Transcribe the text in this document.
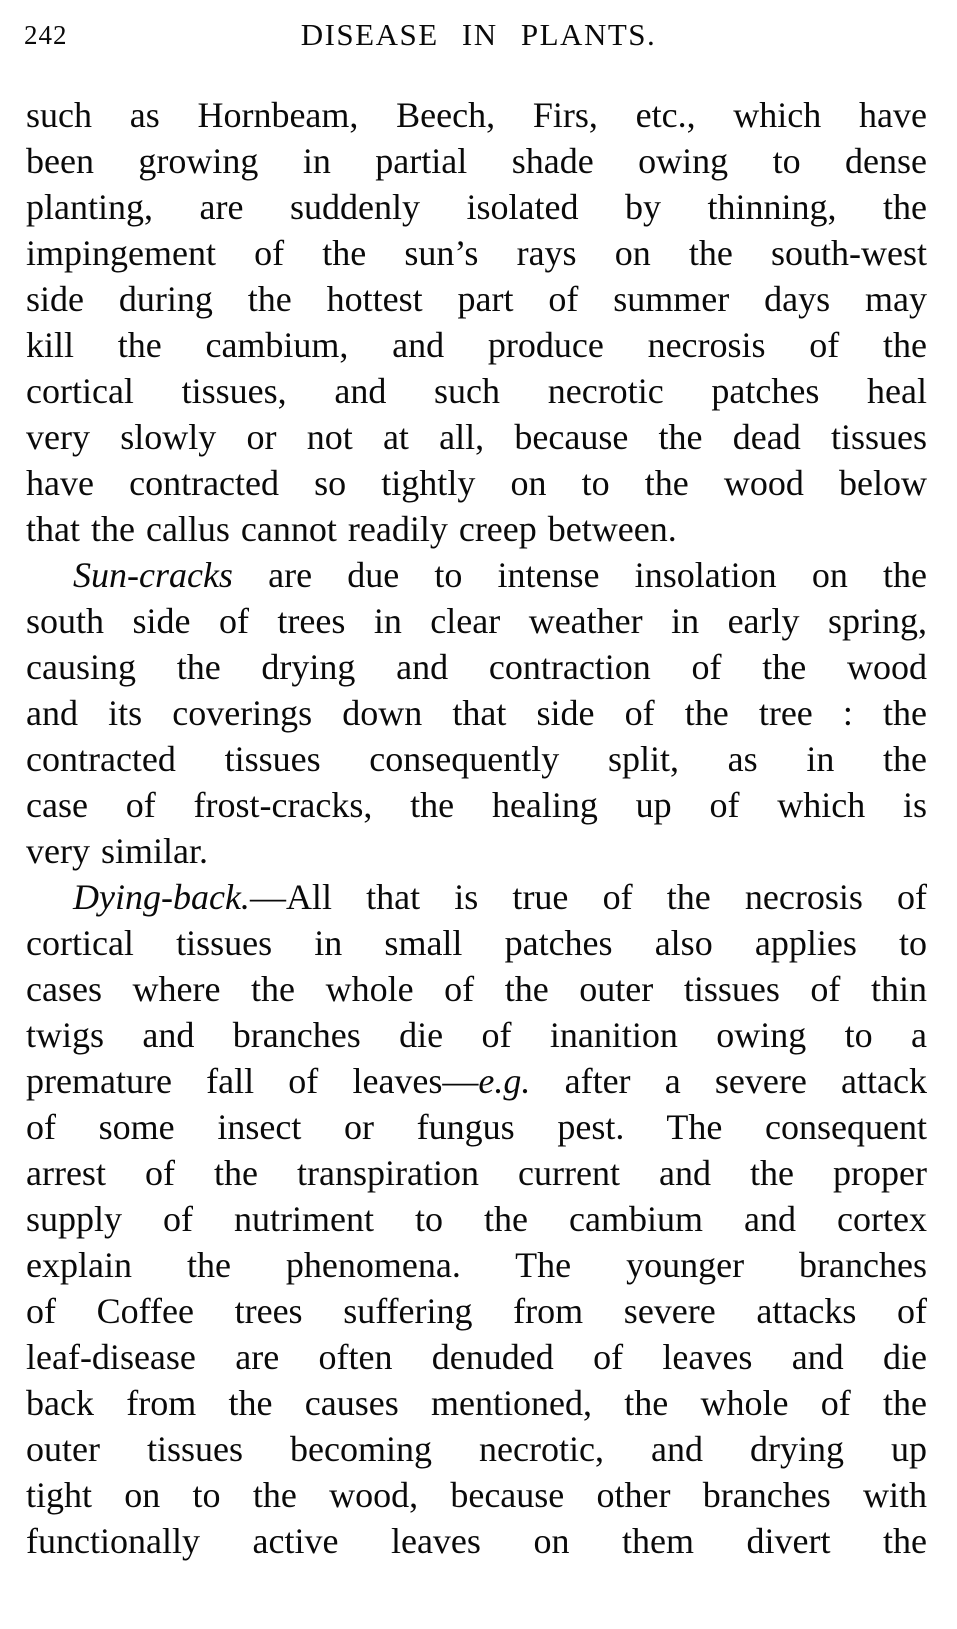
242	DISEASE IN PLANTS.
such as Hornbeam, Beech, Firs, etc., which have
been growing in partial shade owing to dense
planting, are suddenly isolated by thinning, the
impingement of the sun’s rays on the south-west
side during the hottest part of summer days may
kill the cambium, and produce necrosis of the
cortical tissues, and such necrotic patches heal
very slowly or not at all, because the dead tissues
have contracted so tightly on to the wood below
that the callus cannot readily creep between.
Sun-cracks are due to intense insolation on the
south side of trees in clear weather in early spring,
causing the drying and contraction of the wood
and its coverings down that side of the tree : the
contracted tissues consequently split, as in the
case of frost-cracks, the healing up of which is
very similar.
Dying-back.—All that is true of the necrosis of
cortical tissues in small patches also applies to
cases where the whole of the outer tissues of thin
twigs and branches die of inanition owing to a
premature fall of leaves—e.g. after a severe attack
of some insect or fungus pest. The consequent
arrest of the transpiration current and the proper
supply of nutriment to the cambium and cortex
explain the phenomena. The younger branches
of Coffee trees suffering from severe attacks of
leaf-disease are often denuded of leaves and die
back from the causes mentioned, the whole of the
outer tissues becoming necrotic, and drying up
tight on to the wood, because other branches with
functionally active leaves on them divert the
